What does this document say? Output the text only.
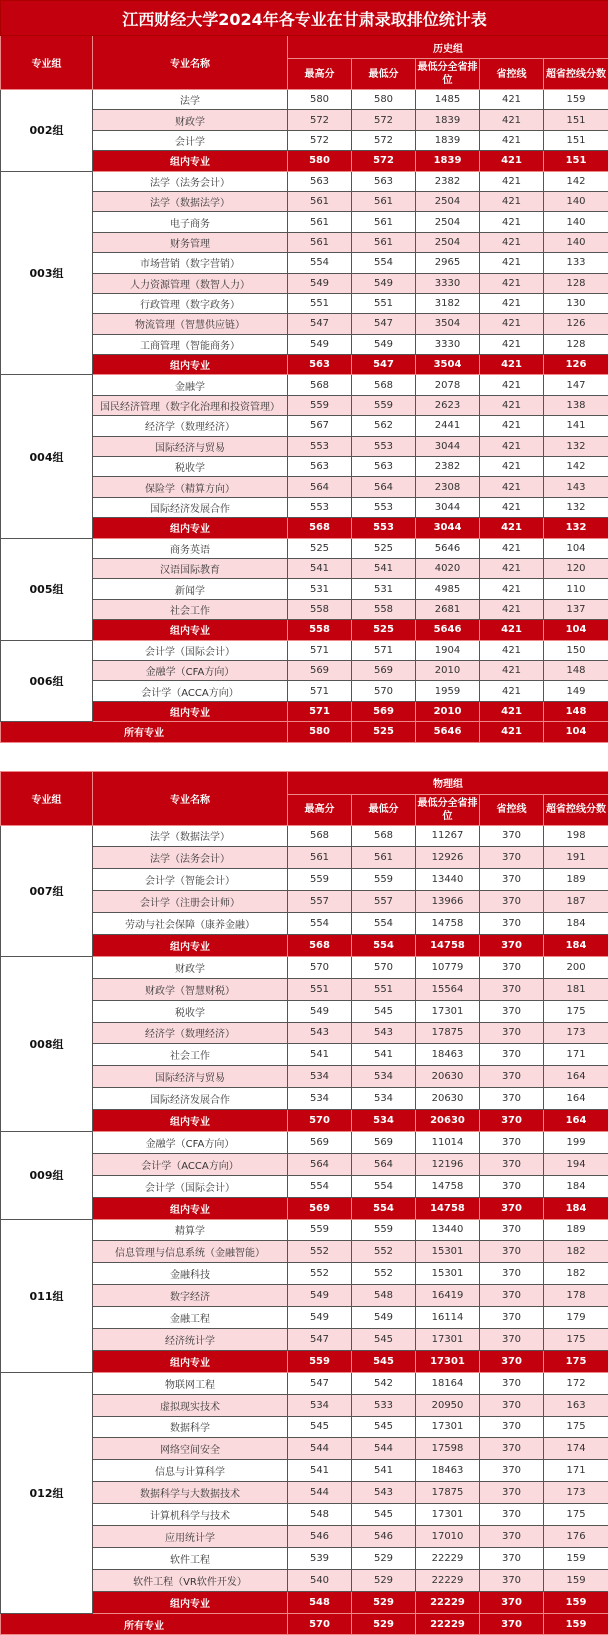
江西财经大学2024年各专业在甘肃录取排位统计表						
专业组	专业名称	历史组				
		最高分	最低分	最低分全省排位	省控线	超省控线分数
002组	法学	580	580	1485	421	159
	财政学	572	572	1839	421	151
	会计学	572	572	1839	421	151
	组内专业	580	572	1839	421	151
003组	法学（法务会计）	563	563	2382	421	142
	法学（数据法学）	561	561	2504	421	140
	电子商务	561	561	2504	421	140
	财务管理	561	561	2504	421	140
	市场营销（数字营销）	554	554	2965	421	133
	人力资源管理（数智人力）	549	549	3330	421	128
	行政管理（数字政务）	551	551	3182	421	130
	物流管理（智慧供应链）	547	547	3504	421	126
	工商管理（智能商务）	549	549	3330	421	128
	组内专业	563	547	3504	421	126
004组	金融学	568	568	2078	421	147
	国民经济管理（数字化治理和投资管理）	559	559	2623	421	138
	经济学（数理经济）	567	562	2441	421	141
	国际经济与贸易	553	553	3044	421	132
	税收学	563	563	2382	421	142
	保险学（精算方向）	564	564	2308	421	143
	国际经济发展合作	553	553	3044	421	132
	组内专业	568	553	3044	421	132
005组	商务英语	525	525	5646	421	104
	汉语国际教育	541	541	4020	421	120
	新闻学	531	531	4985	421	110
	社会工作	558	558	2681	421	137
	组内专业	558	525	5646	421	104
006组	会计学（国际会计）	571	571	1904	421	150
	金融学（CFA方向）	569	569	2010	421	148
	会计学（ACCA方向）	571	570	1959	421	149
	组内专业	571	569	2010	421	148
所有专业		580	525	5646	421	104
专业组	专业名称	物理组				
		最高分	最低分	最低分全省排位	省控线	超省控线分数
007组	法学（数据法学）	568	568	11267	370	198
	法学（法务会计）	561	561	12926	370	191
	会计学（智能会计）	559	559	13440	370	189
	会计学（注册会计师）	557	557	13966	370	187
	劳动与社会保障（康养金融）	554	554	14758	370	184
	组内专业	568	554	14758	370	184
008组	财政学	570	570	10779	370	200
	财政学（智慧财税）	551	551	15564	370	181
	税收学	549	545	17301	370	175
	经济学（数理经济）	543	543	17875	370	173
	社会工作	541	541	18463	370	171
	国际经济与贸易	534	534	20630	370	164
	国际经济发展合作	534	534	20630	370	164
	组内专业	570	534	20630	370	164
009组	金融学（CFA方向）	569	569	11014	370	199
	会计学（ACCA方向）	564	564	12196	370	194
	会计学（国际会计）	554	554	14758	370	184
	组内专业	569	554	14758	370	184
011组	精算学	559	559	13440	370	189
	信息管理与信息系统（金融智能）	552	552	15301	370	182
	金融科技	552	552	15301	370	182
	数字经济	549	548	16419	370	178
	金融工程	549	549	16114	370	179
	经济统计学	547	545	17301	370	175
	组内专业	559	545	17301	370	175
012组	物联网工程	547	542	18164	370	172
	虚拟现实技术	534	533	20950	370	163
	数据科学	545	545	17301	370	175
	网络空间安全	544	544	17598	370	174
	信息与计算科学	541	541	18463	370	171
	数据科学与大数据技术	544	543	17875	370	173
	计算机科学与技术	548	545	17301	370	175
	应用统计学	546	546	17010	370	176
	软件工程	539	529	22229	370	159
	软件工程（VR软件开发）	540	529	22229	370	159
	组内专业	548	529	22229	370	159
所有专业		570	529	22229	370	159
